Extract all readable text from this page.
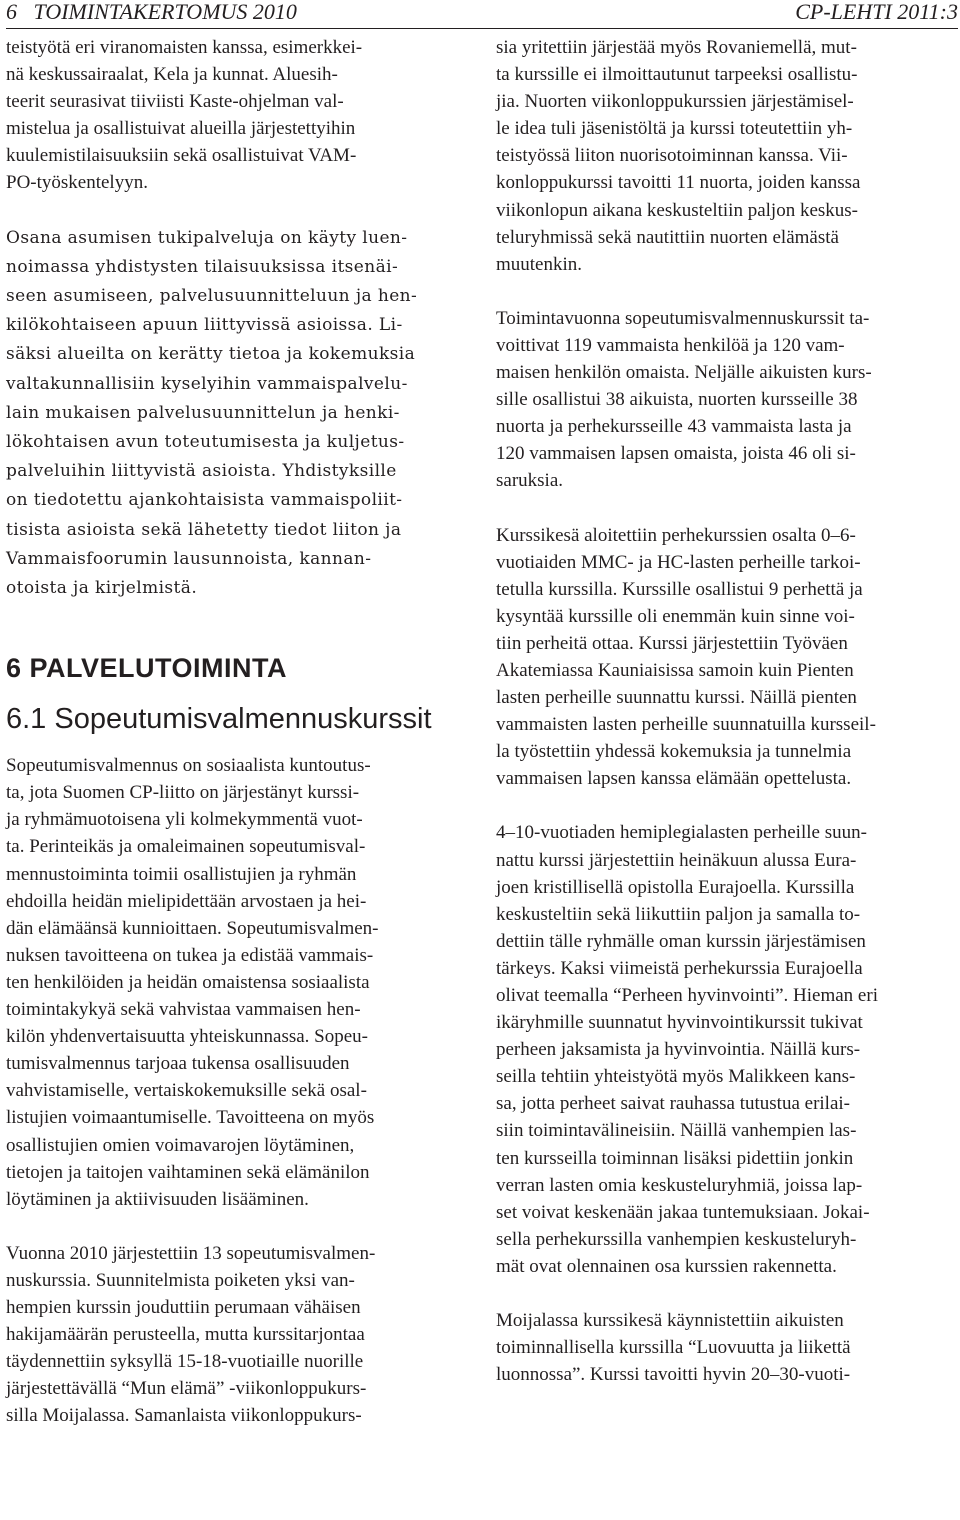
6   TOIMINTAKERTOMUS 2010	CP-LEHTI 2011:3

teistyötä eri viranomaisten kanssa, esimerkkei-
nä keskussairaalat, Kela ja kunnat. Aluesih-
teerit seurasivat tiiviisti Kaste-ohjelman val-
mistelua ja osallistuivat alueilla järjestettyihin
kuulemistilaisuuksiin sekä osallistuivat VAM-
PO-työskentelyyn.

Osana asumisen tukipalveluja on käyty luen-
noimassa yhdistysten tilaisuuksissa itsenäi-
seen asumiseen, palvelusuunnitteluun ja hen-
kilökohtaiseen apuun liittyvissä asioissa. Li-
säksi alueilta on kerätty tietoa ja kokemuksia
valtakunnallisiin kyselyihin vammaispalvelu-
lain mukaisen palvelusuunnittelun ja henki-
lökohtaisen avun toteutumisesta ja kuljetus-
palveluihin liittyvistä asioista. Yhdistyksille
on tiedotettu ajankohtaisista vammaispoliit-
tisista asioista sekä lähetetty tiedot liiton ja
Vammaisfoorumin lausunnoista, kannan-
otoista ja kirjelmistä.

6 PALVELUTOIMINTA
6.1 Sopeutumisvalmennuskurssit

Sopeutumisvalmennus on sosiaalista kuntoutus-
ta, jota Suomen CP-liitto on järjestänyt kurssi-
ja ryhmämuotoisena yli kolmekymmentä vuot-
ta. Perinteikäs ja omaleimainen sopeutumisval-
mennustoiminta toimii osallistujien ja ryhmän
ehdoilla heidän mielipidettään arvostaen ja hei-
dän elämäänsä kunnioittaen. Sopeutumisvalmen-
nuksen tavoitteena on tukea ja edistää vammais-
ten henkilöiden ja heidän omaistensa sosiaalista
toimintakykyä sekä vahvistaa vammaisen hen-
kilön yhdenvertaisuutta yhteiskunnassa. Sopeu-
tumisvalmennus tarjoaa tukensa osallisuuden
vahvistamiselle, vertaiskokemuksille sekä osal-
listujien voimaantumiselle. Tavoitteena on myös
osallistujien omien voimavarojen löytäminen,
tietojen ja taitojen vaihtaminen sekä elämänilon
löytäminen ja aktiivisuuden lisääminen.

Vuonna 2010 järjestettiin 13 sopeutumisvalmen-
nuskurssia. Suunnitelmista poiketen yksi van-
hempien kurssin jouduttiin perumaan vähäisen
hakijamäärän perusteella, mutta kurssitarjontaa
täydennettiin syksyllä 15-18-vuotiaille nuorille
järjestettävällä “Mun elämä” -viikonloppukurs-
silla Moijalassa. Samanlaista viikonloppukurs-

sia yritettiin järjestää myös Rovaniemellä, mut-
ta kurssille ei ilmoittautunut tarpeeksi osallistu-
jia. Nuorten viikonloppukurssien järjestämisel-
le idea tuli jäsenistöltä ja kurssi toteutettiin yh-
teistyössä liiton nuorisotoiminnan kanssa. Vii-
konloppukurssi tavoitti 11 nuorta, joiden kanssa
viikonlopun aikana keskusteltiin paljon keskus-
teluryhmissä sekä nautittiin nuorten elämästä
muutenkin.

Toimintavuonna sopeutumisvalmennuskurssit ta-
voittivat 119 vammaista henkilöä ja 120 vam-
maisen henkilön omaista. Neljälle aikuisten kurs-
sille osallistui 38 aikuista, nuorten kursseille 38
nuorta ja perhekursseille 43 vammaista lasta ja
120 vammaisen lapsen omaista, joista 46 oli si-
saruksia.

Kurssikesä aloitettiin perhekurssien osalta 0–6-
vuotiaiden MMC- ja HC-lasten perheille tarkoi-
tetulla kurssilla. Kurssille osallistui 9 perhettä ja
kysyntää kurssille oli enemmän kuin sinne voi-
tiin perheitä ottaa. Kurssi järjestettiin Työväen
Akatemiassa Kauniaisissa samoin kuin Pienten
lasten perheille suunnattu kurssi. Näillä pienten
vammaisten lasten perheille suunnatuilla kursseil-
la työstettiin yhdessä kokemuksia ja tunnelmia
vammaisen lapsen kanssa elämään opettelusta.

4–10-vuotiaden hemiplegialasten perheille suun-
nattu kurssi järjestettiin heinäkuun alussa Eura-
joen kristillisellä opistolla Eurajoella. Kurssilla
keskusteltiin sekä liikuttiin paljon ja samalla to-
dettiin tälle ryhmälle oman kurssin järjestämisen
tärkeys. Kaksi viimeistä perhekurssia Eurajoella
olivat teemalla “Perheen hyvinvointi”. Hieman eri
ikäryhmille suunnatut hyvinvointikurssit tukivat
perheen jaksamista ja hyvinvointia. Näillä kurs-
seilla tehtiin yhteistyötä myös Malikkeen kans-
sa, jotta perheet saivat rauhassa tutustua erilai-
siin toimintavälineisiin. Näillä vanhempien las-
ten kursseilla toiminnan lisäksi pidettiin jonkin
verran lasten omia keskusteluryhmiä, joissa lap-
set voivat keskenään jakaa tuntemuksiaan. Jokai-
sella perhekurssilla vanhempien keskusteluryh-
mät ovat olennainen osa kurssien rakennetta.

Moijalassa kurssikesä käynnistettiin aikuisten
toiminnallisella kurssilla “Luovuutta ja liikettä
luonnossa”. Kurssi tavoitti hyvin 20–30-vuoti-
